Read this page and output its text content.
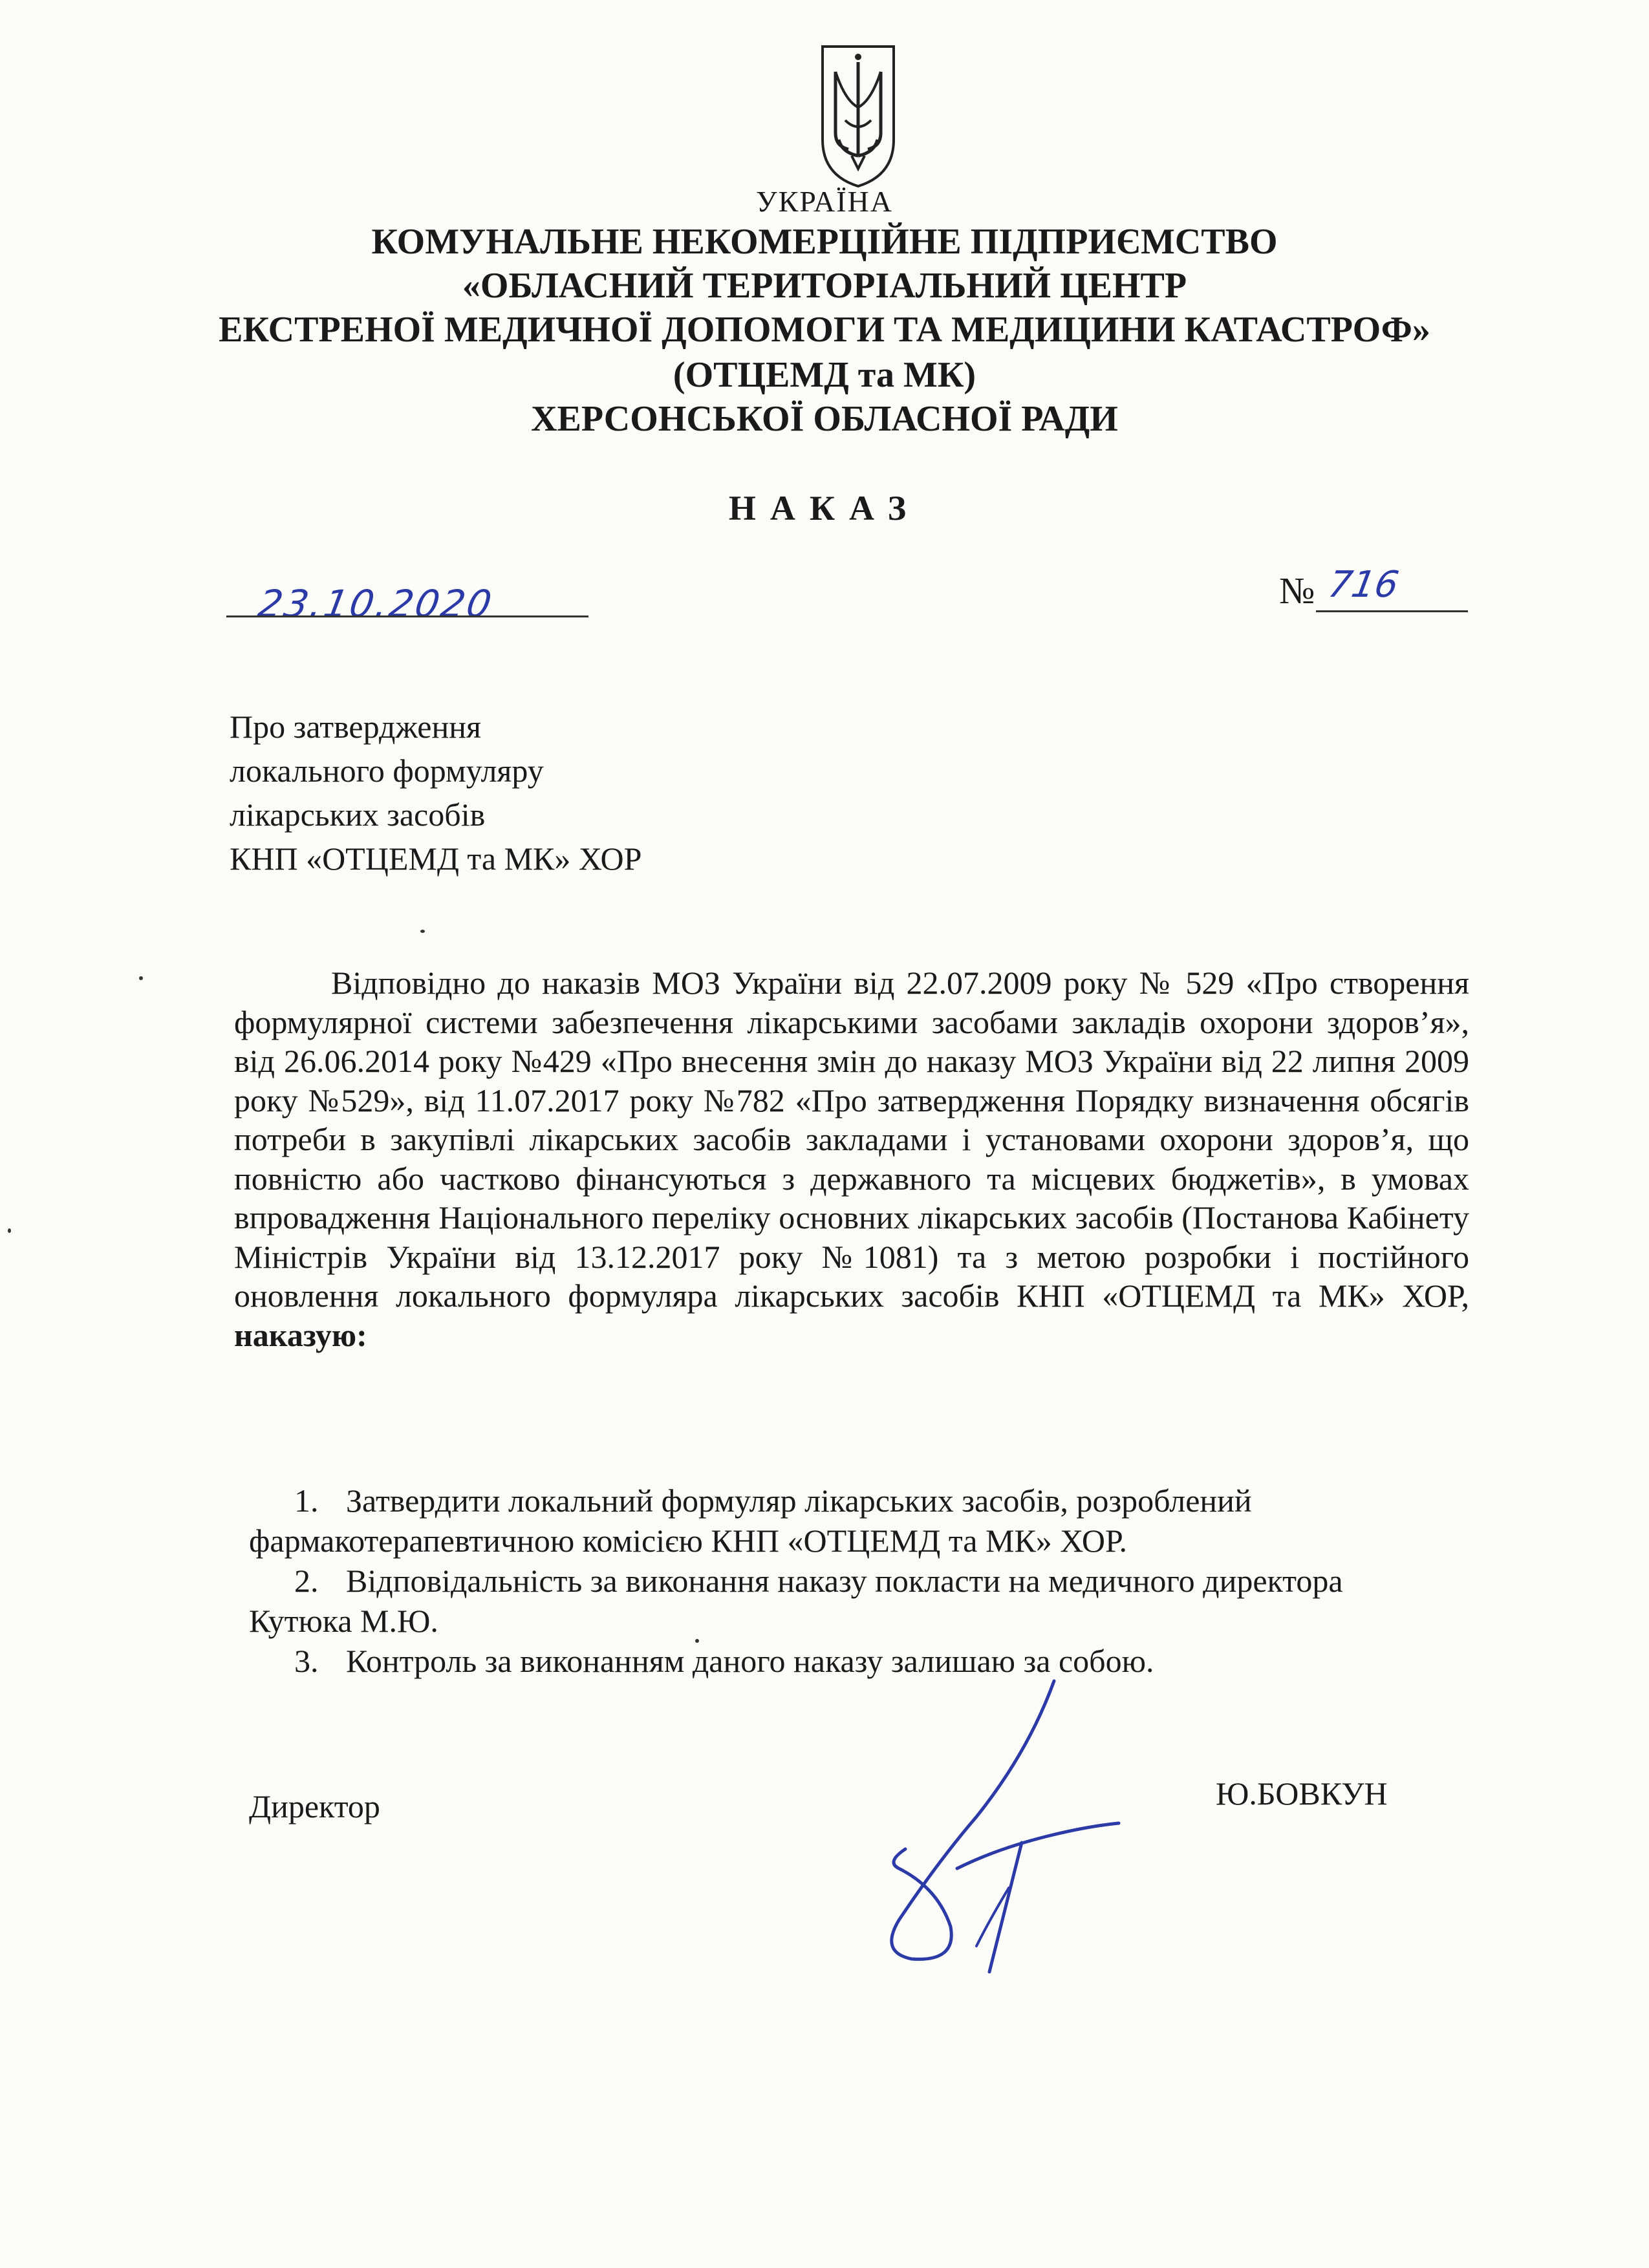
УКРАЇНА
КОМУНАЛЬНЕ НЕКОМЕРЦІЙНЕ ПІДПРИЄМСТВО
«ОБЛАСНИЙ ТЕРИТОРІАЛЬНИЙ ЦЕНТР
ЕКСТРЕНОЇ МЕДИЧНОЇ ДОПОМОГИ ТА МЕДИЦИНИ КАТАСТРОФ»
(ОТЦЕМД та МК)
ХЕРСОНСЬКОЇ ОБЛАСНОЇ РАДИ
НАКАЗ
23.10.2020	№ 716
Про затвердження
локального формуляру
лікарських засобів
КНП «ОТЦЕМД та МК» ХОР
Відповідно до наказів МОЗ України від 22.07.2009 року № 529 «Про створення формулярної системи забезпечення лікарськими засобами закладів охорони здоров’я», від 26.06.2014 року №429 «Про внесення змін до наказу МОЗ України від 22 липня 2009 року №529», від 11.07.2017 року №782 «Про затвердження Порядку визначення обсягів потреби в закупівлі лікарських засобів закладами і установами охорони здоров’я, що повністю або частково фінансуються з державного та місцевих бюджетів», в умовах впровадження Національного переліку основних лікарських засобів (Постанова Кабінету Міністрів України від 13.12.2017 року №1081) та з метою розробки і постійного оновлення локального формуляра лікарських засобів КНП «ОТЦЕМД та МК» ХОР, наказую:
1. Затвердити локальний формуляр лікарських засобів, розроблений
фармакотерапевтичною комісією КНП «ОТЦЕМД та МК» ХОР.
2. Відповідальність за виконання наказу покласти на медичного директора
Кутюка М.Ю.
3. Контроль за виконанням даного наказу залишаю за собою.
Директор	Ю.БОВКУН
